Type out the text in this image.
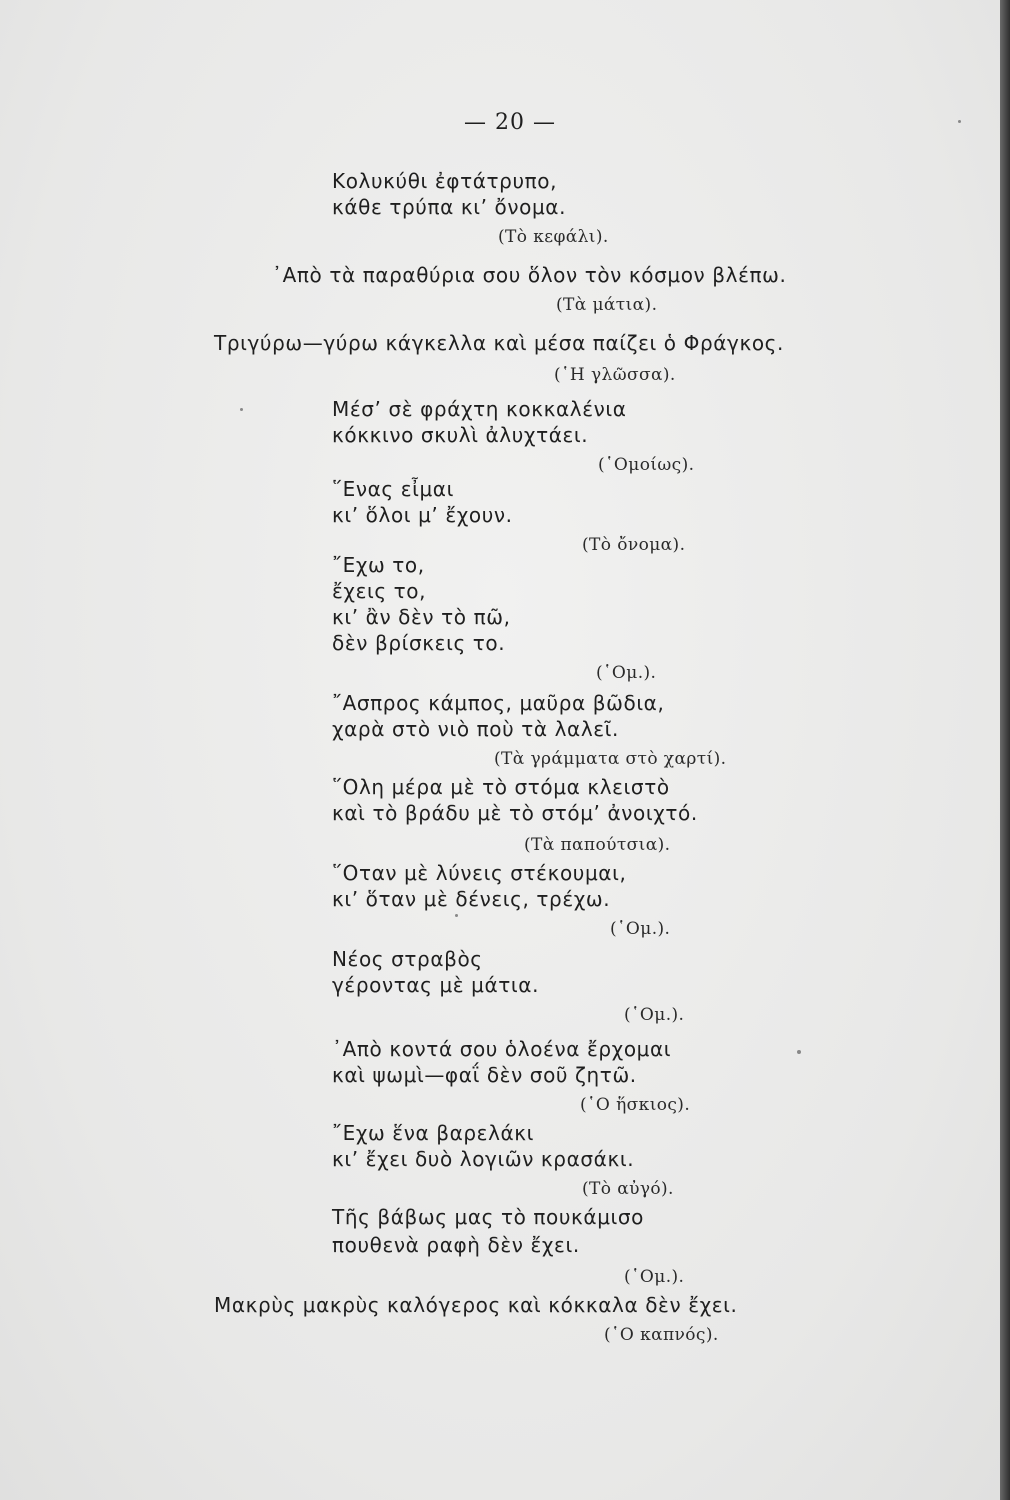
— 20 —
Κολυκύθι ἐφτάτρυπο,
κάθε τρύπα κι’ ὄνομα.
(Τὸ κεφάλι).
᾿Απὸ τὰ παραθύρια σου ὅλον τὸν κόσμον βλέπω.
(Τὰ μάτια).
Τριγύρω—γύρω κάγκελλα καὶ μέσα παίζει ὁ Φράγκος.
(῾Η γλῶσσα).
Μέσ’ σὲ φράχτη κοκκαλένια
κόκκινο σκυλὶ ἀλυχτάει.
(῾Ομοίως).
῞Ενας εἶμαι
κι’ ὅλοι μ’ ἔχουν.
(Τὸ ὄνομα).
῎Εχω το,
ἔχεις το,
κι’ ἂν δὲν τὸ πῶ,
δὲν βρίσκεις το.
(῾Ομ.).
῎Ασπρος κάμπος, μαῦρα βῶδια,
χαρὰ στὸ νιὸ ποὺ τὰ λαλεῖ.
(Τὰ γράμματα στὸ χαρτί).
῞Ολη μέρα μὲ τὸ στόμα κλειστὸ
καὶ τὸ βράδυ μὲ τὸ στόμ’ ἀνοιχτό.
(Τὰ παπούτσια).
῞Οταν μὲ λύνεις στέκουμαι,
κι’ ὅταν μὲ δένεις, τρέχω.
(῾Ομ.).
Νέος στραβὸς
γέροντας μὲ μάτια.
(῾Ομ.).
᾿Απὸ κοντά σου ὁλοένα ἔρχομαι
καὶ ψωμὶ—φαΐ δὲν σοῦ ζητῶ.
(῾Ο ἥσκιος).
῎Εχω ἕνα βαρελάκι
κι’ ἔχει δυὸ λογιῶν κρασάκι.
(Τὸ αὐγό).
Τῆς βάβως μας τὸ πουκάμισο
πουθενὰ ραφὴ δὲν ἔχει.
(῾Ομ.).
Μακρὺς μακρὺς καλόγερος καὶ κόκκαλα δὲν ἔχει.
(῾Ο καπνός).
